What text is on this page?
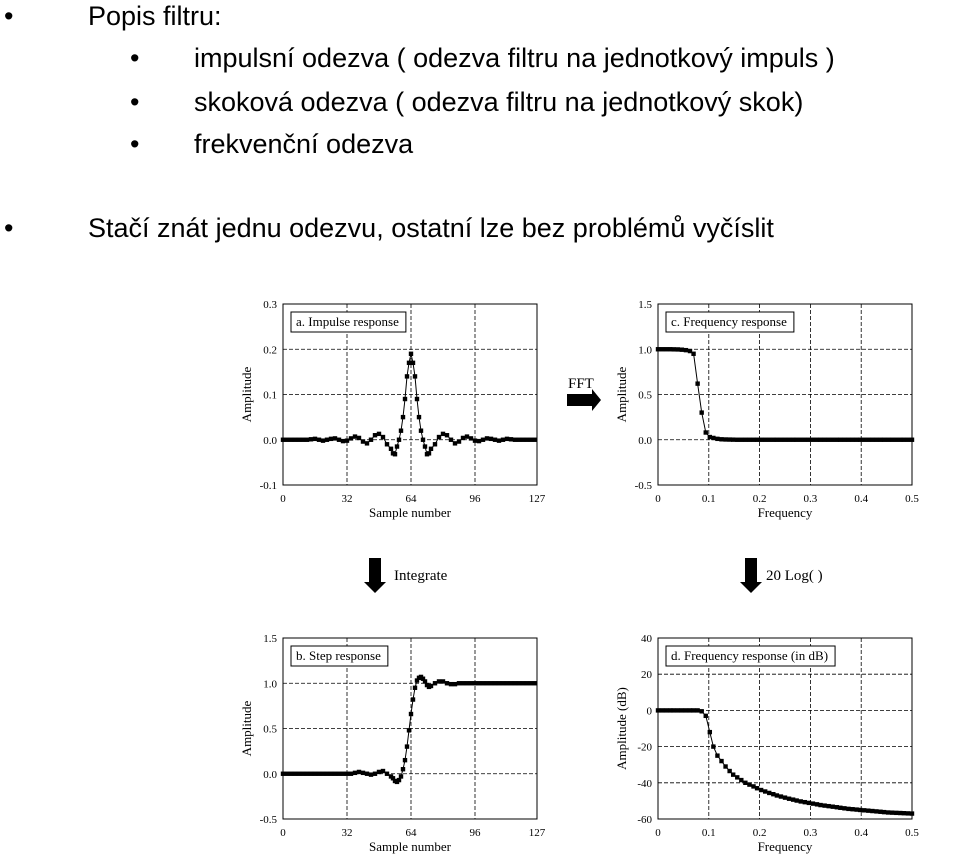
•	Popis filtru:
• impulsní odezva ( odezva filtru na jednotkový impuls )
• skoková odezva ( odezva filtru na jednotkový skok)
• frekvenční odezva
•	Stačí znát jednu odezvu, ostatní lze bez problémů vyčíslit
FFT
Integrate	20 Log( )
0	32	64	96	127
-0.1
0.0
0.1
0.2
0.3
Sample number
Amplitude
a. Impulse response
0	0.1	0.2	0.3	0.4	0.5
-0.5
0.0
0.5
1.0
1.5
Frequency
Amplitude
c. Frequency response
0	32	64	96	127
-0.5
0.0
0.5
1.0
1.5
Sample number
Amplitude
b. Step response
0	0.1	0.2	0.3	0.4	0.5
-60
-40
-20
0
20
40
Frequency
Amplitude (dB)
d. Frequency response (in dB)
